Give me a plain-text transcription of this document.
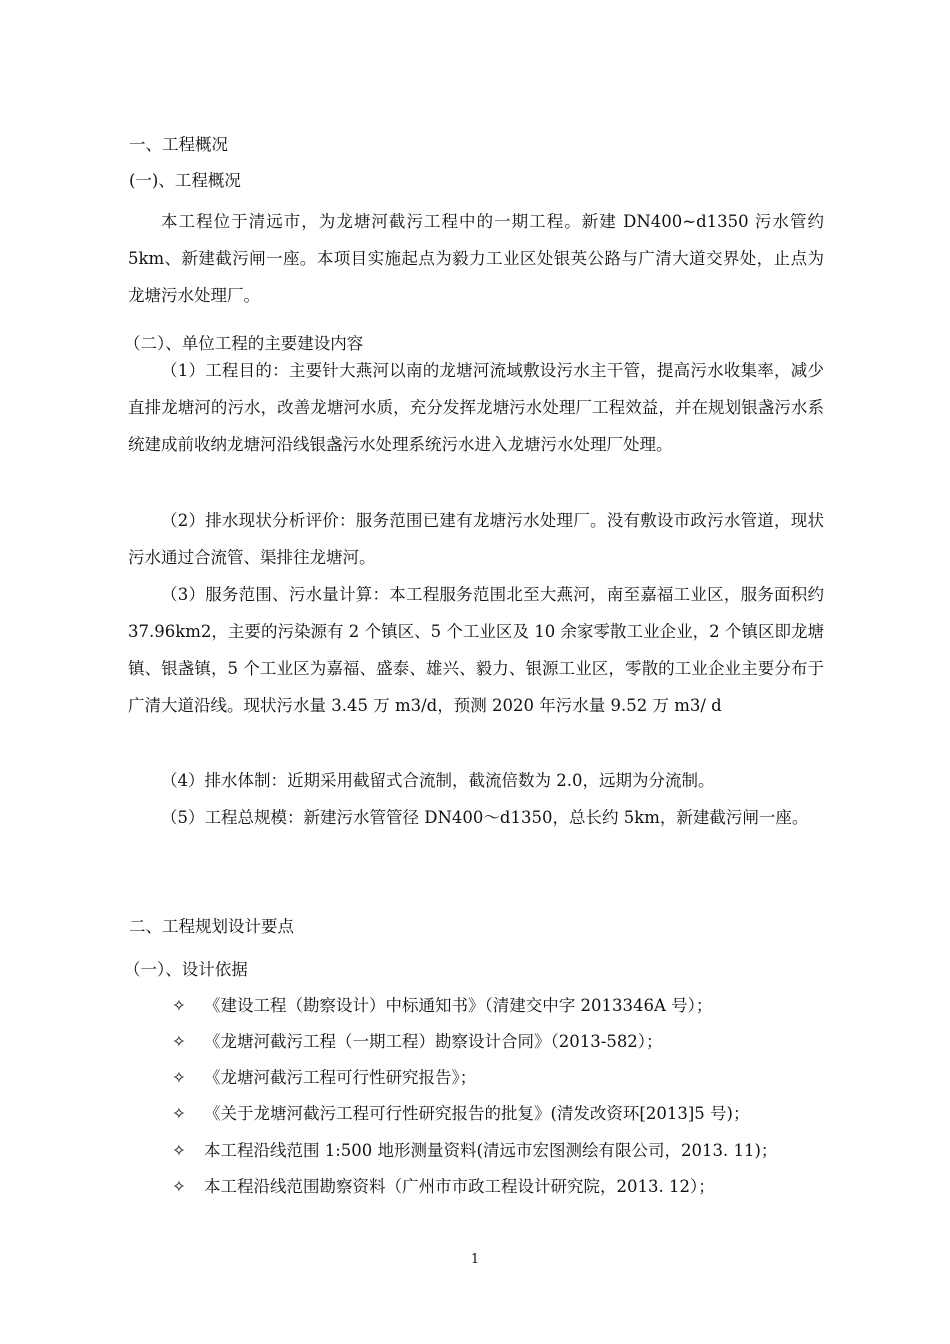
一、工程概况
(一)、工程概况
本工程位于清远市，为龙塘河截污工程中的一期工程。新建 DN400~d1350 污水管约 5km、新建截污闸一座。本项目实施起点为毅力工业区处银英公路与广清大道交界处，止点为龙塘污水处理厂。
（二）、单位工程的主要建设内容
（1）工程目的：主要针大燕河以南的龙塘河流域敷设污水主干管，提高污水收集率，减少直排龙塘河的污水，改善龙塘河水质，充分发挥龙塘污水处理厂工程效益，并在规划银盏污水系统建成前收纳龙塘河沿线银盏污水处理系统污水进入龙塘污水处理厂处理。
（2）排水现状分析评价：服务范围已建有龙塘污水处理厂。没有敷设市政污水管道，现状污水通过合流管、渠排往龙塘河。
（3）服务范围、污水量计算：本工程服务范围北至大燕河，南至嘉福工业区，服务面积约 37.96km2，主要的污染源有 2 个镇区、5 个工业区及 10 余家零散工业企业，2 个镇区即龙塘镇、银盏镇，5 个工业区为嘉福、盛泰、雄兴、毅力、银源工业区，零散的工业企业主要分布于广清大道沿线。现状污水量 3.45 万 m3/d，预测 2020 年污水量 9.52 万 m3/ d
（4）排水体制：近期采用截留式合流制，截流倍数为 2.0，远期为分流制。
（5）工程总规模：新建污水管管径 DN400～d1350，总长约 5km，新建截污闸一座。
二、工程规划设计要点
（一）、设计依据
✧ 《建设工程（勘察设计）中标通知书》（清建交中字 2013346A 号）；
✧ 《龙塘河截污工程（一期工程）勘察设计合同》（2013-582）；
✧ 《龙塘河截污工程可行性研究报告》；
✧ 《关于龙塘河截污工程可行性研究报告的批复》(清发改资环[2013]5 号)；
✧ 本工程沿线范围 1:500 地形测量资料(清远市宏图测绘有限公司，2013. 11)；
✧ 本工程沿线范围勘察资料（广州市市政工程设计研究院，2013. 12）；
1
